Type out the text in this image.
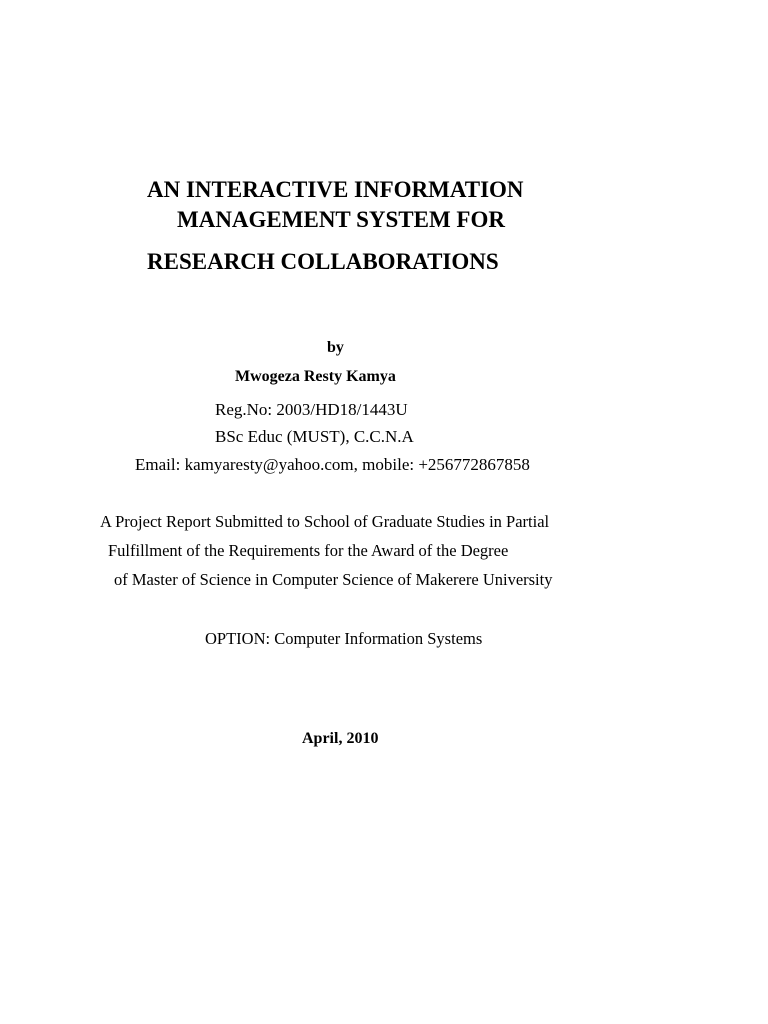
AN INTERACTIVE INFORMATION
MANAGEMENT SYSTEM FOR
RESEARCH COLLABORATIONS
by
Mwogeza Resty Kamya
Reg.No: 2003/HD18/1443U
BSc Educ (MUST), C.C.N.A
Email: kamyaresty@yahoo.com, mobile: +256772867858
A Project Report Submitted to School of Graduate Studies in Partial
Fulfillment of the Requirements for the Award of the Degree
of Master of Science in Computer Science of Makerere University
OPTION: Computer Information Systems
April, 2010
